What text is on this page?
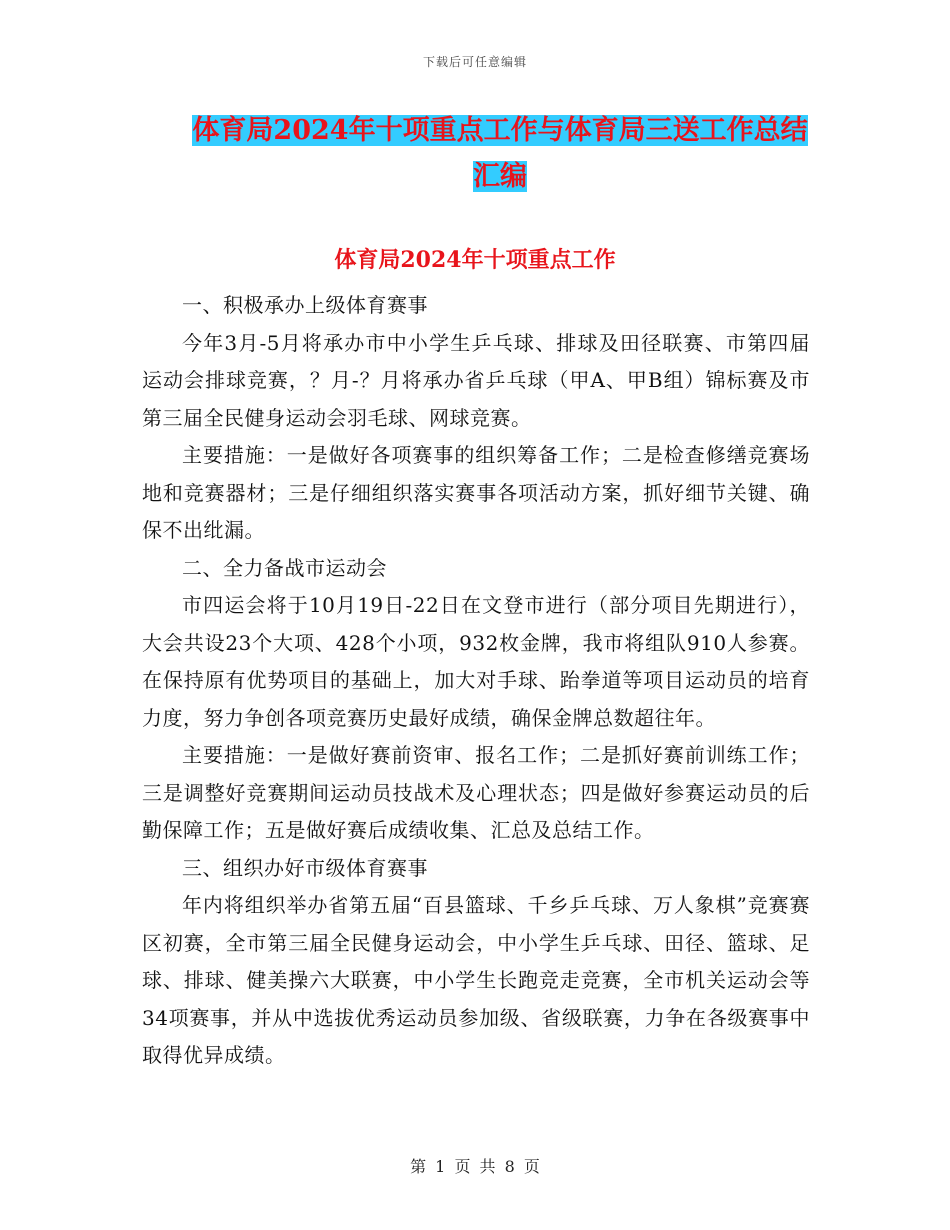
下载后可任意编辑
体育局2024年十项重点工作与体育局三送工作总结汇编
体育局2024年十项重点工作

一、积极承办上级体育赛事

今年3月-5月将承办市中小学生乒乓球、排球及田径联赛、市第四届运动会排球竞赛，？月-？月将承办省乒乓球（甲A、甲B组）锦标赛及市第三届全民健身运动会羽毛球、网球竞赛。

主要措施：一是做好各项赛事的组织筹备工作；二是检查修缮竞赛场地和竞赛器材；三是仔细组织落实赛事各项活动方案，抓好细节关键、确保不出纰漏。

二、全力备战市运动会

市四运会将于10月19日-22日在文登市进行（部分项目先期进行），大会共设23个大项、428个小项，932枚金牌，我市将组队910人参赛。在保持原有优势项目的基础上，加大对手球、跆拳道等项目运动员的培育力度，努力争创各项竞赛历史最好成绩，确保金牌总数超往年。

主要措施：一是做好赛前资审、报名工作；二是抓好赛前训练工作；三是调整好竞赛期间运动员技战术及心理状态；四是做好参赛运动员的后勤保障工作；五是做好赛后成绩收集、汇总及总结工作。

三、组织办好市级体育赛事

年内将组织举办省第五届“百县篮球、千乡乒乓球、万人象棋”竞赛赛区初赛，全市第三届全民健身运动会，中小学生乒乓球、田径、篮球、足球、排球、健美操六大联赛，中小学生长跑竞走竞赛，全市机关运动会等34项赛事，并从中选拔优秀运动员参加级、省级联赛，力争在各级赛事中取得优异成绩。

第 1 页 共 8 页
